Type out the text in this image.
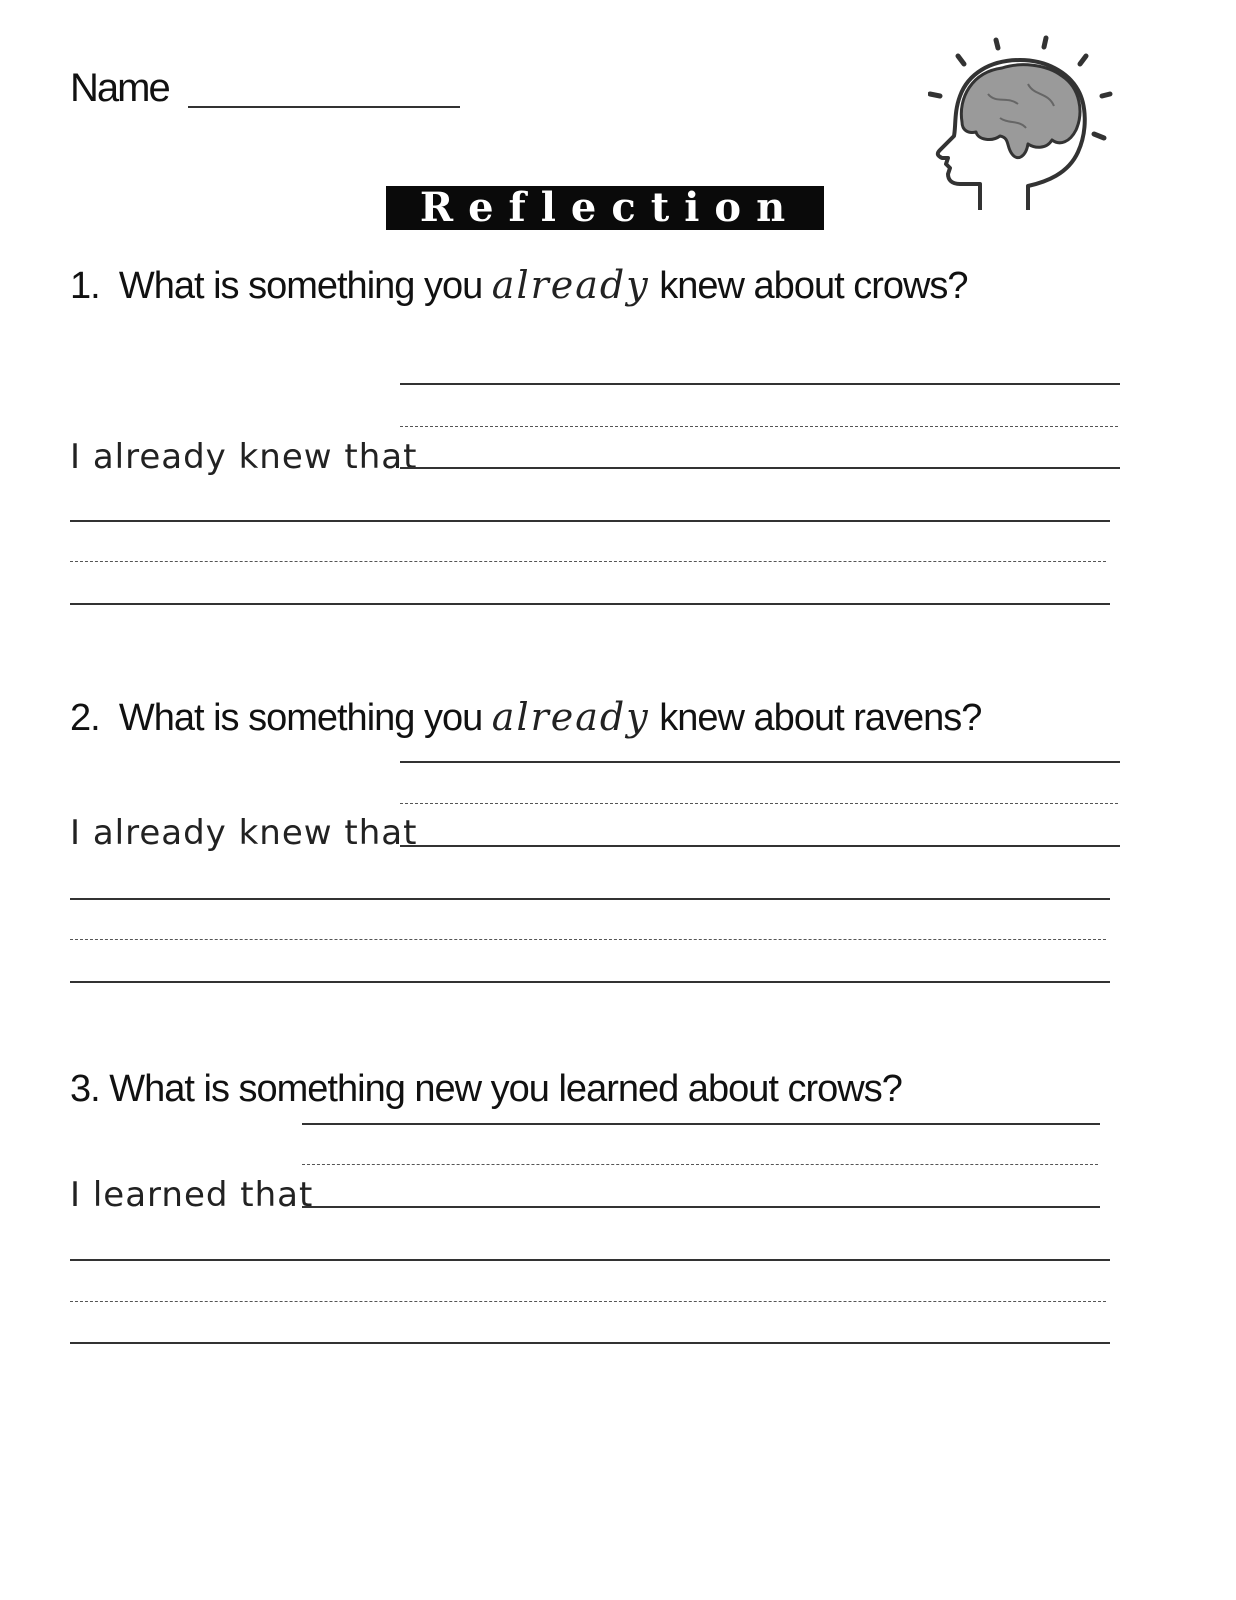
Name
Reflection
1. What is something you already knew about crows?
I already knew that
2. What is something you already knew about ravens?
I already knew that
3. What is something new you learned about crows?
I learned that
